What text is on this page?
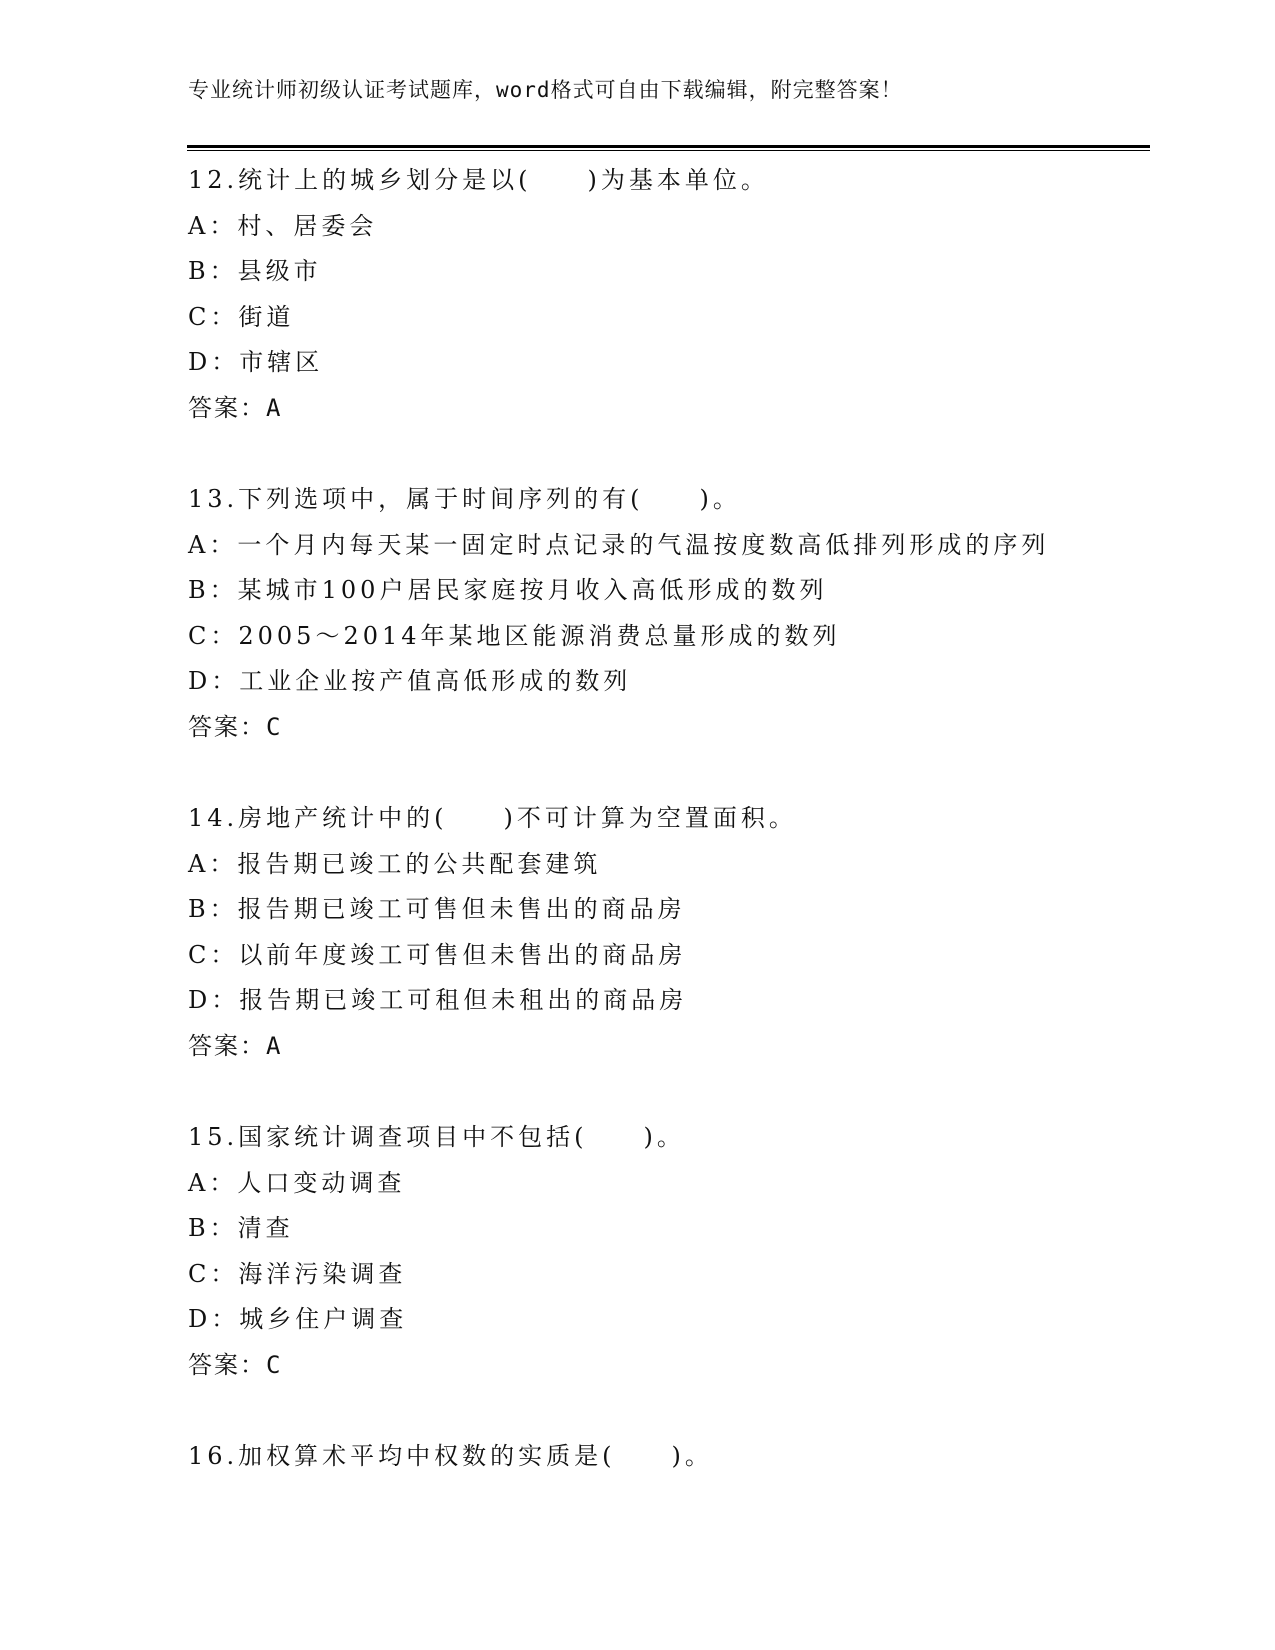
专业统计师初级认证考试题库，word格式可自由下载编辑，附完整答案！
12.统计上的城乡划分是以(　　)为基本单位。
A：村、居委会
B：县级市
C：街道
D：市辖区
答案：A
13.下列选项中，属于时间序列的有(　　)。
A：一个月内每天某一固定时点记录的气温按度数高低排列形成的序列
B：某城市100户居民家庭按月收入高低形成的数列
C：2005～2014年某地区能源消费总量形成的数列
D：工业企业按产值高低形成的数列
答案：C
14.房地产统计中的(　　)不可计算为空置面积。
A：报告期已竣工的公共配套建筑
B：报告期已竣工可售但未售出的商品房
C：以前年度竣工可售但未售出的商品房
D：报告期已竣工可租但未租出的商品房
答案：A
15.国家统计调查项目中不包括(　　)。
A：人口变动调查
B：清查
C：海洋污染调查
D：城乡住户调查
答案：C
16.加权算术平均中权数的实质是(　　)。
